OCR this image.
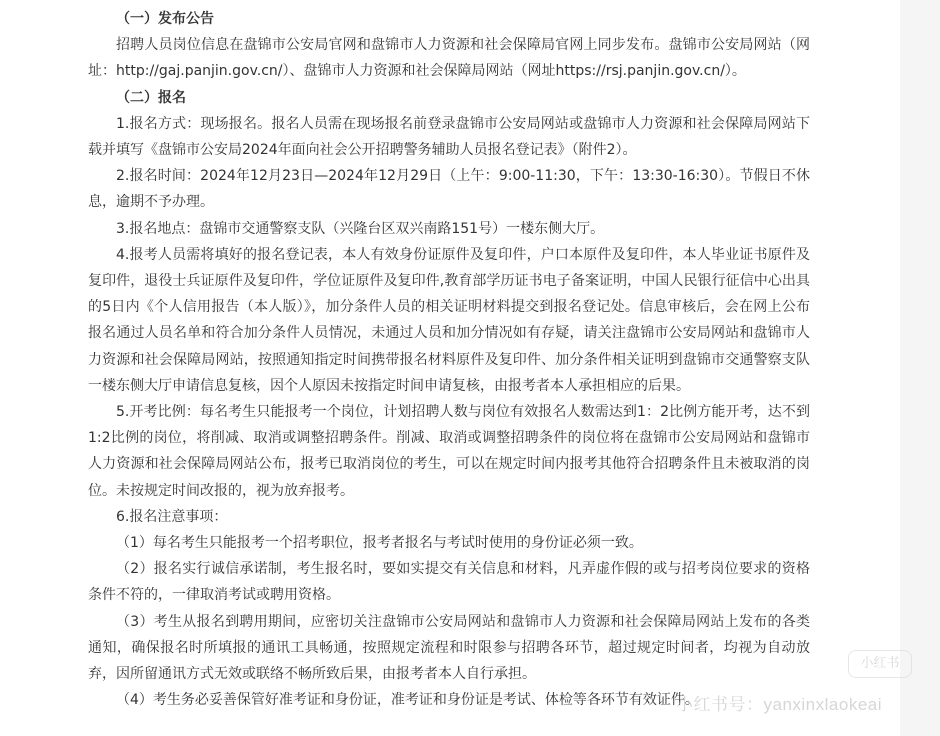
（一）发布公告

招聘人员岗位信息在盘锦市公安局官网和盘锦市人力资源和社会保障局官网上同步发布。盘锦市公安局网站（网址：http://gaj.panjin.gov.cn/）、盘锦市人力资源和社会保障局网站（网址https://rsj.panjin.gov.cn/）。

（二）报名

1.报名方式：现场报名。报名人员需在现场报名前登录盘锦市公安局网站或盘锦市人力资源和社会保障局网站下载并填写《盘锦市公安局2024年面向社会公开招聘警务辅助人员报名登记表》（附件2）。

2.报名时间：2024年12月23日—2024年12月29日（上午：9:00-11:30，下午：13:30-16:30）。节假日不休息，逾期不予办理。

3.报名地点：盘锦市交通警察支队（兴隆台区双兴南路151号）一楼东侧大厅。

4.报考人员需将填好的报名登记表，本人有效身份证原件及复印件，户口本原件及复印件，本人毕业证书原件及复印件，退役士兵证原件及复印件，学位证原件及复印件,教育部学历证书电子备案证明，中国人民银行征信中心出具的5日内《个人信用报告（本人版）》，加分条件人员的相关证明材料提交到报名登记处。信息审核后，会在网上公布报名通过人员名单和符合加分条件人员情况，未通过人员和加分情况如有存疑，请关注盘锦市公安局网站和盘锦市人力资源和社会保障局网站，按照通知指定时间携带报名材料原件及复印件、加分条件相关证明到盘锦市交通警察支队一楼东侧大厅申请信息复核，因个人原因未按指定时间申请复核，由报考者本人承担相应的后果。

5.开考比例：每名考生只能报考一个岗位，计划招聘人数与岗位有效报名人数需达到1：2比例方能开考，达不到1:2比例的岗位，将削减、取消或调整招聘条件。削减、取消或调整招聘条件的岗位将在盘锦市公安局网站和盘锦市人力资源和社会保障局网站公布，报考已取消岗位的考生，可以在规定时间内报考其他符合招聘条件且未被取消的岗位。未按规定时间改报的，视为放弃报考。

6.报名注意事项：

（1）每名考生只能报考一个招考职位，报考者报名与考试时使用的身份证必须一致。

（2）报名实行诚信承诺制，考生报名时，要如实提交有关信息和材料，凡弄虚作假的或与招考岗位要求的资格条件不符的，一律取消考试或聘用资格。

（3）考生从报名到聘用期间，应密切关注盘锦市公安局网站和盘锦市人力资源和社会保障局网站上发布的各类通知，确保报名时所填报的通讯工具畅通，按照规定流程和时限参与招聘各环节，超过规定时间者，均视为自动放弃，因所留通讯方式无效或联络不畅所致后果，由报考者本人自行承担。

（4）考生务必妥善保管好准考证和身份证，准考证和身份证是考试、体检等各环节有效证件。

小红书
小红书号：yanxinxlaokeai
